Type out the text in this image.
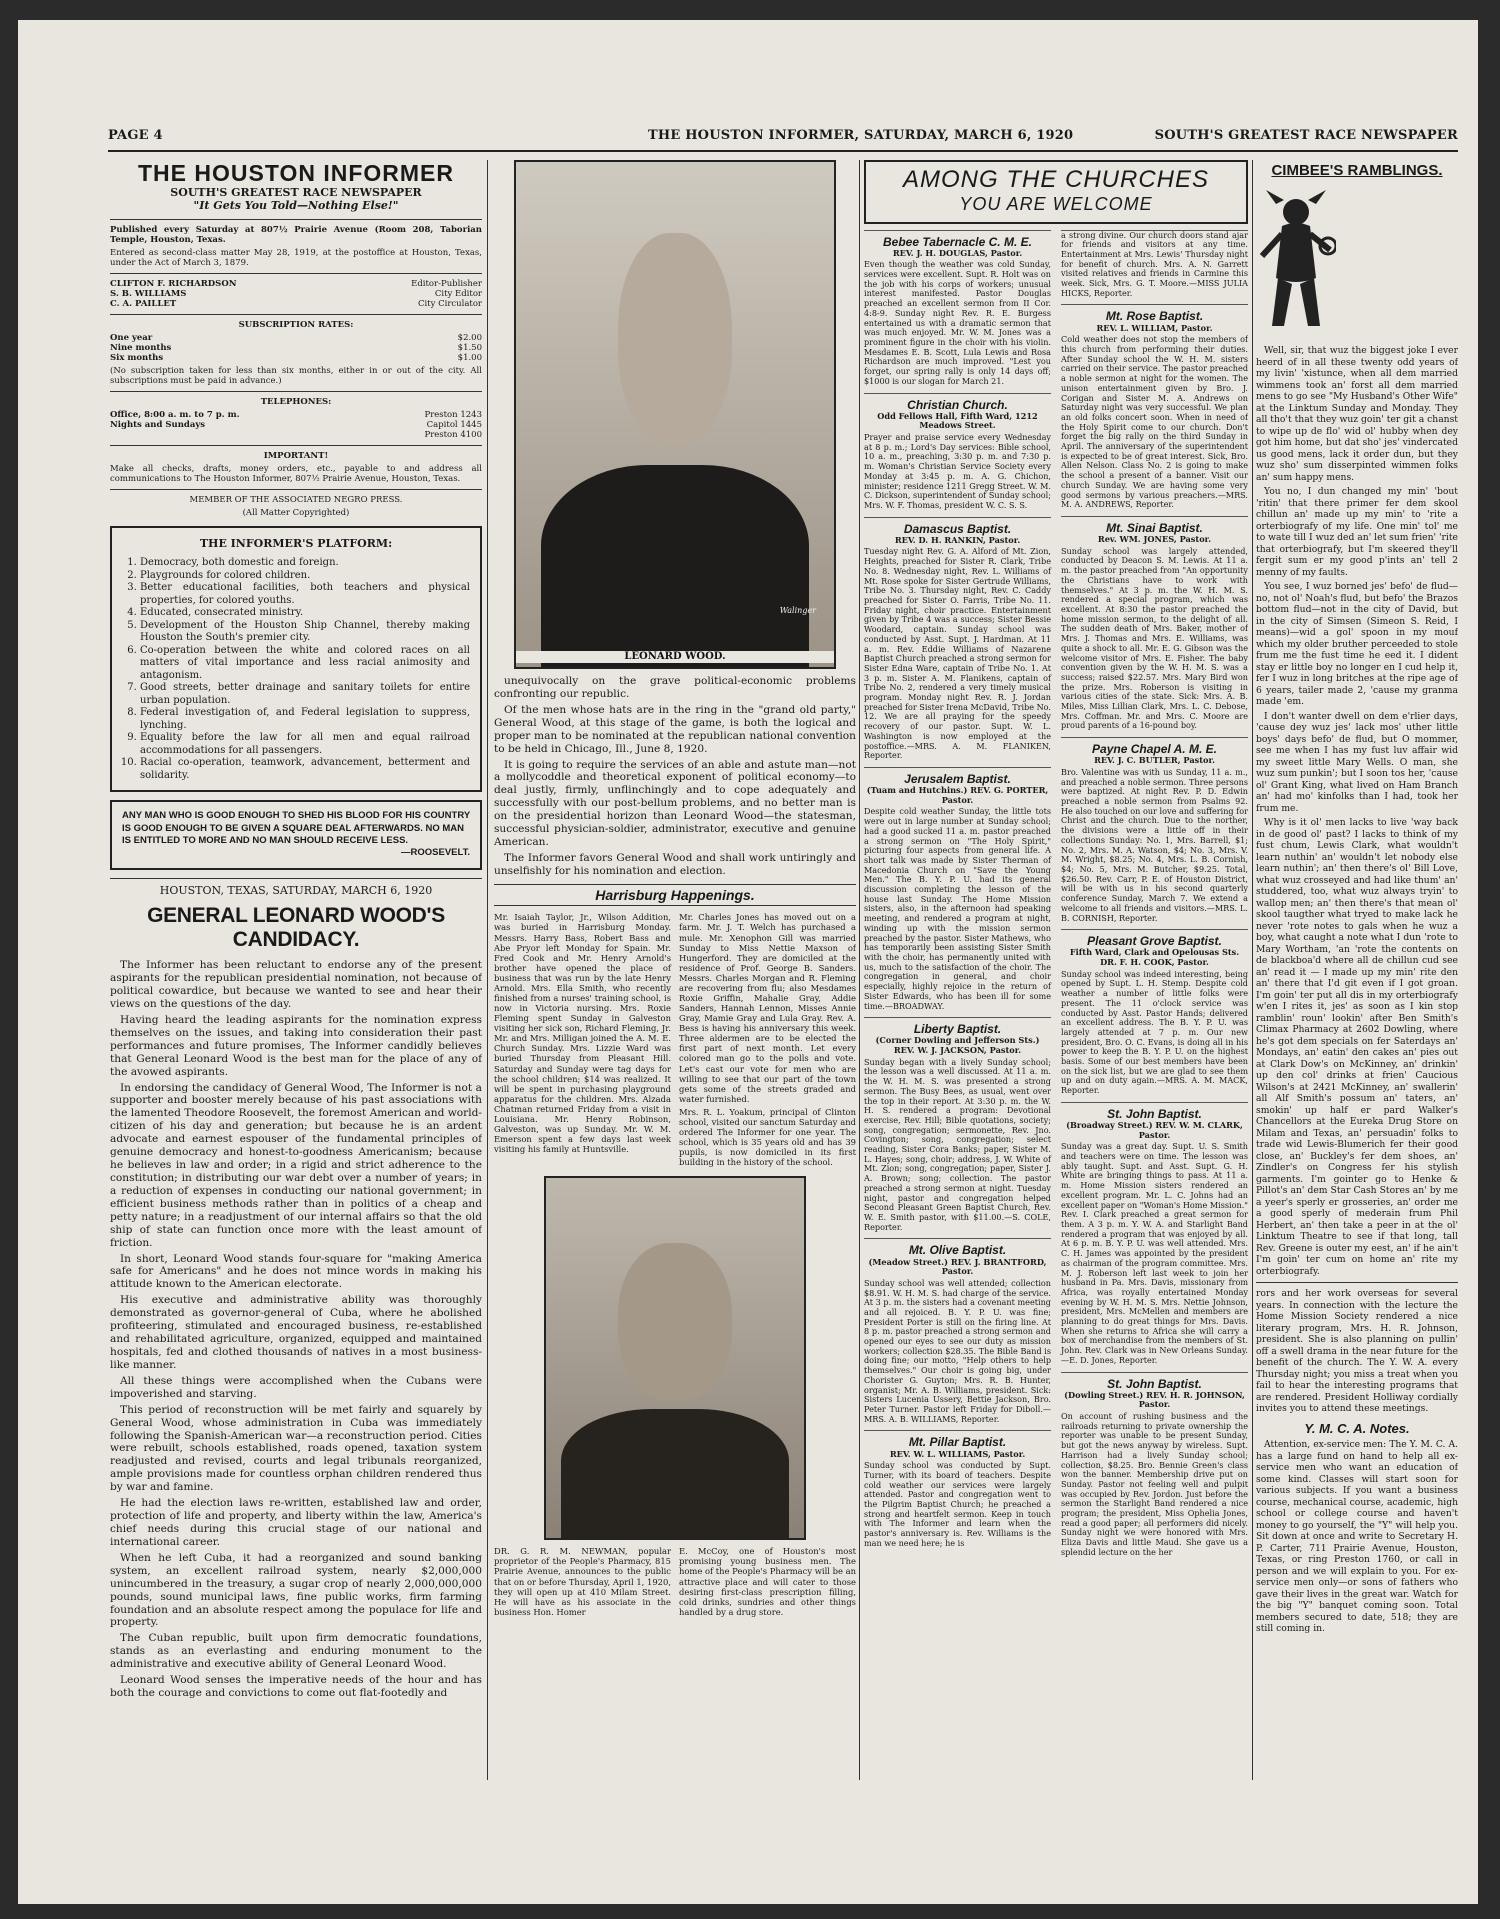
PAGE 4	THE HOUSTON INFORMER, SATURDAY, MARCH 6, 1920	SOUTH'S GREATEST RACE NEWSPAPER

THE HOUSTON INFORMER

SOUTH'S GREATEST RACE NEWSPAPER

"It Gets You Told—Nothing Else!"

Published every Saturday at 807½ Prairie Avenue (Room 208, Taborian Temple, Houston, Texas.

Entered as second-class matter May 28, 1919, at the postoffice at Houston, Texas, under the Act of March 3, 1879.

CLIFTON F. RICHARDSON	Editor-Publisher
S. B. WILLIAMS	City Editor
C. A. PAILLET	City Circulator

SUBSCRIPTION RATES:

One year	$2.00
Nine months	$1.50
Six months	$1.00

(No subscription taken for less than six months, either in or out of the city. All subscriptions must be paid in advance.)

TELEPHONES:

Office, 8:00 a. m. to 7 p. m.	Preston 1243
Nights and Sundays	Capitol 1445
Preston 4100

IMPORTANT!

Make all checks, drafts, money orders, etc., payable to and address all communications to The Houston Informer, 807½ Prairie Avenue, Houston, Texas.

MEMBER OF THE ASSOCIATED NEGRO PRESS.

(All Matter Copyrighted)

THE INFORMER'S PLATFORM:
1. Democracy, both domestic and foreign.
2. Playgrounds for colored children.
3. Better educational facilities, both teachers and physical properties, for colored youths.
4. Educated, consecrated ministry.
5. Development of the Houston Ship Channel, thereby making Houston the South's premier city.
6. Co-operation between the white and colored races on all matters of vital importance and less racial animosity and antagonism.
7. Good streets, better drainage and sanitary toilets for entire urban population.
8. Federal investigation of, and Federal legislation to suppress, lynching.
9. Equality before the law for all men and equal railroad accommodations for all passengers.
10. Racial co-operation, teamwork, advancement, betterment and solidarity.
ANY MAN WHO IS GOOD ENOUGH TO SHED HIS BLOOD FOR HIS COUNTRY IS GOOD ENOUGH TO BE GIVEN A SQUARE DEAL AFTERWARDS. NO MAN IS ENTITLED TO MORE AND NO MAN SHOULD RECEIVE LESS.
—ROOSEVELT.

HOUSTON, TEXAS, SATURDAY, MARCH 6, 1920

GENERAL LEONARD WOOD'S CANDIDACY.

The Informer has been reluctant to endorse any of the present aspirants for the republican presidential nomination, not because of political cowardice, but because we wanted to see and hear their views on the questions of the day.

Having heard the leading aspirants for the nomination express themselves on the issues, and taking into consideration their past performances and future promises, The Informer candidly believes that General Leonard Wood is the best man for the place of any of the avowed aspirants.

In endorsing the candidacy of General Wood, The Informer is not a supporter and booster merely because of his past associations with the lamented Theodore Roosevelt, the foremost American and world-citizen of his day and generation; but because he is an ardent advocate and earnest espouser of the fundamental principles of genuine democracy and honest-to-goodness Americanism; because he believes in law and order; in a rigid and strict adherence to the constitution; in distributing our war debt over a number of years; in a reduction of expenses in conducting our national government; in efficient business methods rather than in politics of a cheap and petty nature; in a readjustment of our internal affairs so that the old ship of state can function once more with the least amount of friction.

In short, Leonard Wood stands four-square for "making America safe for Americans" and he does not mince words in making his attitude known to the American electorate.

His executive and administrative ability was thoroughly demonstrated as governor-general of Cuba, where he abolished profiteering, stimulated and encouraged business, re-established and rehabilitated agriculture, organized, equipped and maintained hospitals, fed and clothed thousands of natives in a most business-like manner.

All these things were accomplished when the Cubans were impoverished and starving.

This period of reconstruction will be met fairly and squarely by General Wood, whose administration in Cuba was immediately following the Spanish-American war—a reconstruction period. Cities were rebuilt, schools established, roads opened, taxation system readjusted and revised, courts and legal tribunals reorganized, ample provisions made for countless orphan children rendered thus by war and famine.

He had the election laws re-written, established law and order, protection of life and property, and liberty within the law, America's chief needs during this crucial stage of our national and international career.

When he left Cuba, it had a reorganized and sound banking system, an excellent railroad system, nearly $2,000,000 unincumbered in the treasury, a sugar crop of nearly 2,000,000,000 pounds, sound municipal laws, fine public works, firm farming foundation and an absolute respect among the populace for life and property.

The Cuban republic, built upon firm democratic foundations, stands as an everlasting and enduring monument to the administrative and executive ability of General Leonard Wood.

Leonard Wood senses the imperative needs of the hour and has both the courage and convictions to come out flat-footedly and

Walinger
LEONARD WOOD.

unequivocally on the grave political-economic problems confronting our republic.

Of the men whose hats are in the ring in the "grand old party," General Wood, at this stage of the game, is both the logical and proper man to be nominated at the republican national convention to be held in Chicago, Ill., June 8, 1920.

It is going to require the services of an able and astute man—not a mollycoddle and theoretical exponent of political economy—to deal justly, firmly, unflinchingly and to cope adequately and successfully with our post-bellum problems, and no better man is on the presidential horizon than Leonard Wood—the statesman, successful physician-soldier, administrator, executive and genuine American.

The Informer favors General Wood and shall work untiringly and unselfishly for his nomination and election.

Harrisburg Happenings.

Mr. Isaiah Taylor, Jr., Wilson Addition, was buried in Harrisburg Monday. Messrs. Harry Bass, Robert Bass and Abe Pryor left Monday for Spain. Mr. Fred Cook and Mr. Henry Arnold's brother have opened the place of business that was run by the late Henry Arnold. Mrs. Ella Smith, who recently finished from a nurses' training school, is now in Victoria nursing. Mrs. Roxie Fleming spent Sunday in Galveston visiting her sick son, Richard Fleming, Jr. Mr. and Mrs. Milligan joined the A. M. E. Church Sunday. Mrs. Lizzie Ward was buried Thursday from Pleasant Hill. Saturday and Sunday were tag days for the school children; $14 was realized. It will be spent in purchasing playground apparatus for the children. Mrs. Alzada Chatman returned Friday from a visit in Louisiana. Mr. Henry Robinson, Galveston, was up Sunday. Mr. W. M. Emerson spent a few days last week visiting his family at Huntsville.

Mr. Charles Jones has moved out on a farm. Mr. J. T. Welch has purchased a mule. Mr. Xenophon Gill was married Sunday to Miss Nettie Maxson of Hungerford. They are domiciled at the residence of Prof. George B. Sanders. Messrs. Charles Morgan and R. Fleming are recovering from flu; also Mesdames Roxie Griffin, Mahalie Gray, Addie Sanders, Hannah Lennon, Misses Annie Gray, Mamie Gray and Lula Gray. Rev. A. Bess is having his anniversary this week. Three aldermen are to be elected the first part of next month. Let every colored man go to the polls and vote. Let's cast our vote for men who are willing to see that our part of the town gets some of the streets graded and water furnished.

Mrs. R. L. Yoakum, principal of Clinton school, visited our sanctum Saturday and ordered The Informer for one year. The school, which is 35 years old and has 39 pupils, is now domiciled in its first building in the history of the school.

DR. G. R. M. NEWMAN, popular proprietor of the People's Pharmacy, 815 Prairie Avenue, announces to the public that on or before Thursday, April 1, 1920, they will open up at 410 Milam Street. He will have as his associate in the business Hon. Homer
E. McCoy, one of Houston's most promising young business men. The home of the People's Pharmacy will be an attractive place and will cater to those desiring first-class prescription filling, cold drinks, sundries and other things handled by a drug store.
AMONG THE CHURCHES
YOU ARE WELCOME
Bebee Tabernacle C. M. E.
REV. J. H. DOUGLAS, Pastor.

Even though the weather was cold Sunday, services were excellent. Supt. R. Holt was on the job with his corps of workers; unusual interest manifested. Pastor Douglas preached an excellent sermon from II Cor. 4:8-9. Sunday night Rev. R. E. Burgess entertained us with a dramatic sermon that was much enjoyed. Mr. W. M. Jones was a prominent figure in the choir with his violin. Mesdames E. B. Scott, Lula Lewis and Rosa Richardson are much improved. "Lest you forget, our spring rally is only 14 days off; $1000 is our slogan for March 21.

Christian Church.
Odd Fellows Hall, Fifth Ward, 1212 Meadows Street.

Prayer and praise service every Wednesday at 8 p. m.; Lord's Day services: Bible school, 10 a. m., preaching, 3:30 p. m. and 7:30 p. m. Woman's Christian Service Society every Monday at 3:45 p. m. A. G. Chichon, minister; residence 1211 Gregg Street. W. M. C. Dickson, superintendent of Sunday school; Mrs. W. F. Thomas, president W. C. S. S.

Damascus Baptist.
REV. D. H. RANKIN, Pastor.

Tuesday night Rev. G. A. Alford of Mt. Zion, Heights, preached for Sister R. Clark, Tribe No. 8. Wednesday night, Rev. L. Williams of Mt. Rose spoke for Sister Gertrude Williams, Tribe No. 3. Thursday night, Rev. C. Caddy preached for Sister O. Farris, Tribe No. 11. Friday night, choir practice. Entertainment given by Tribe 4 was a success; Sister Bessie Woodard, captain. Sunday school was conducted by Asst. Supt. J. Hardman. At 11 a. m. Rev. Eddie Williams of Nazarene Baptist Church preached a strong sermon for Sister Edna Ware, captain of Tribe No. 1. At 3 p. m. Sister A. M. Flanikens, captain of Tribe No. 2, rendered a very timely musical program. Monday night Rev. R. J. Jordan preached for Sister Irena McDavid, Tribe No. 12. We are all praying for the speedy recovery of our pastor. Supt. W. L. Washington is now employed at the postoffice.—MRS. A. M. FLANIKEN, Reporter.

Jerusalem Baptist.
(Tuam and Hutchins.) REV. G. PORTER, Pastor.

Despite cold weather Sunday, the little tots were out in large number at Sunday school; had a good sucked 11 a. m. pastor preached a strong sermon on "The Holy Spirit," picturing four aspects from general life. A short talk was made by Sister Therman of Macedonia Church on "Save the Young Men." The B. Y. P. U. had its general discussion completing the lesson of the house last Sunday. The Home Mission sisters, also, in the afternoon had speaking meeting, and rendered a program at night, winding up with the mission sermon preached by the pastor. Sister Mathews, who has temporarily been assisting Sister Smith with the choir, has permanently united with us, much to the satisfaction of the choir. The congregation in general, and choir especially, highly rejoice in the return of Sister Edwards, who has been ill for some time.—BROADWAY.

Liberty Baptist.
(Corner Dowling and Jefferson Sts.) REV. W. J. JACKSON, Pastor.

Sunday began with a lively Sunday school; the lesson was a well discussed. At 11 a. m. the W. H. M. S. was presented a strong sermon. The Busy Bees, as usual, went over the top in their report. At 3:30 p. m. the W. H. S. rendered a program: Devotional exercise, Rev. Hill; Bible quotations, society; song, congregation; sermonette, Rev. Jno. Covington; song, congregation; select reading, Sister Cora Banks; paper, Sister M. L. Hayes; song, choir; address, J. W. White of Mt. Zion; song, congregation; paper, Sister J. A. Brown; song; collection. The pastor preached a strong sermon at night. Tuesday night, pastor and congregation helped Second Pleasant Green Baptist Church, Rev. W. E. Smith pastor, with $11.00.—S. COLE, Reporter.

Mt. Olive Baptist.
(Meadow Street.) REV. J. BRANTFORD, Pastor.

Sunday school was well attended; collection $8.91. W. H. M. S. had charge of the service. At 3 p. m. the sisters had a covenant meeting and all rejoiced. B. Y. P. U. was fine; President Porter is still on the firing line. At 8 p. m. pastor preached a strong sermon and opened our eyes to see our duty as mission workers; collection $28.35. The Bible Band is doing fine; our motto, "Help others to help themselves." Our choir is going big, under Chorister G. Guyton; Mrs. R. B. Hunter, organist; Mr. A. B. Williams, president. Sick: Sisters Lucenia Ussery, Bettie Jackson, Bro. Peter Turner. Pastor left Friday for Diboll.—MRS. A. B. WILLIAMS, Reporter.

Mt. Pillar Baptist.
REV. W. L. WILLIAMS, Pastor.

Sunday school was conducted by Supt. Turner, with its board of teachers. Despite cold weather our services were largely attended. Pastor and congregation went to the Pilgrim Baptist Church; he preached a strong and heartfelt sermon. Keep in touch with The Informer and learn when the pastor's anniversary is. Rev. Williams is the man we need here; he is

a strong divine. Our church doors stand ajar for friends and visitors at any time. Entertainment at Mrs. Lewis' Thursday night for benefit of church. Mrs. A. N. Garrett visited relatives and friends in Carmine this week. Sick, Mrs. G. T. Moore.—MISS JULIA HICKS, Reporter.

Mt. Rose Baptist.
REV. L. WILLIAM, Pastor.

Cold weather does not stop the members of this church from performing their duties. After Sunday school the W. H. M. sisters carried on their service. The pastor preached a noble sermon at night for the women. The unison entertainment given by Bro. J. Corigan and Sister M. A. Andrews on Saturday night was very successful. We plan an old folks concert soon. When in need of the Holy Spirit come to our church. Don't forget the big rally on the third Sunday in April. The anniversary of the superintendent is expected to be of great interest. Sick, Bro. Allen Nelson. Class No. 2 is going to make the school a present of a banner. Visit our church Sunday. We are having some very good sermons by various preachers.—MRS. M. A. ANDREWS, Reporter.

Mt. Sinai Baptist.
Rev. WM. JONES, Pastor.

Sunday school was largely attended, conducted by Deacon S. M. Lewis. At 11 a. m. the pastor preached from "An opportunity the Christians have to work with themselves." At 3 p. m. the W. H. M. S. rendered a special program, which was excellent. At 8:30 the pastor preached the home mission sermon, to the delight of all. The sudden death of Mrs. Baker, mother of Mrs. J. Thomas and Mrs. E. Williams, was quite a shock to all. Mr. E. G. Gibson was the welcome visitor of Mrs. E. Fisher. The baby convention given by the W. H. M. S. was a success; raised $22.57. Mrs. Mary Bird won the prize. Mrs. Roberson is visiting in various cities of the state. Sick: Mrs. A. B. Miles, Miss Lillian Clark, Mrs. L. C. Debose, Mrs. Coffman. Mr. and Mrs. C. Moore are proud parents of a 16-pound boy.

Payne Chapel A. M. E.
REV. J. C. BUTLER, Pastor.

Bro. Valentine was with us Sunday, 11 a. m., and preached a noble sermon. Three persons were baptized. At night Rev. P. D. Edwin preached a noble sermon from Psalms 92. He also touched on our love and suffering for Christ and the church. Due to the norther, the divisions were a little off in their collections Sunday: No. 1, Mrs. Barrell, $1; No. 2, Mrs. M. A. Watson, $4; No. 3, Mrs. V. M. Wright, $8.25; No. 4, Mrs. L. B. Cornish, $4; No. 5, Mrs. M. Butcher, $9.25. Total, $26.50. Rev. Carr, P. E. of Houston District, will be with us in his second quarterly conference Sunday, March 7. We extend a welcome to all friends and visitors.—MRS. L. B. CORNISH, Reporter.

Pleasant Grove Baptist.
Fifth Ward, Clark and Opelousas Sts. DR. F. H. COOK, Pastor.

Sunday school was indeed interesting, being opened by Supt. L. H. Stemp. Despite cold weather a number of little folks were present. The 11 o'clock service was conducted by Asst. Pastor Hands; delivered an excellent address. The B. Y. P. U. was largely attended at 7 p. m. Our new president, Bro. O. C. Evans, is doing all in his power to keep the B. Y. P. U. on the highest basis. Some of our best members have been on the sick list, but we are glad to see them up and on duty again.—MRS. A. M. MACK, Reporter.

St. John Baptist.
(Broadway Street.) REV. W. M. CLARK, Pastor.

Sunday was a great day. Supt. U. S. Smith and teachers were on time. The lesson was ably taught. Supt. and Asst. Supt. G. H. White are bringing things to pass. At 11 a. m. Home Mission sisters rendered an excellent program. Mr. L. C. Johns had an excellent paper on "Woman's Home Mission." Rev. I. Clark preached a great sermon for them. A 3 p. m. Y. W. A. and Starlight Band rendered a program that was enjoyed by all. At 6 p. m. B. Y. P. U. was well attended. Mrs. C. H. James was appointed by the president as chairman of the program committee. Mrs. M. J. Roberson left last week to join her husband in Pa. Mrs. Davis, missionary from Africa, was royally entertained Monday evening by W. H. M. S. Mrs. Nettie Johnson, president, Mrs. McMellen and members are planning to do great things for Mrs. Davis. When she returns to Africa she will carry a box of merchandise from the members of St. John. Rev. Clark was in New Orleans Sunday.—E. D. Jones, Reporter.

St. John Baptist.
(Dowling Street.) REV. H. R. JOHNSON, Pastor.

On account of rushing business and the railroads returning to private ownership the reporter was unable to be present Sunday, but got the news anyway by wireless. Supt. Harrison had a lively Sunday school; collection, $8.25. Bro. Bennie Green's class won the banner. Membership drive put on Sunday. Pastor not feeling well and pulpit was occupied by Rev. Jordon. Just before the sermon the Starlight Band rendered a nice program; the president, Miss Ophelia Jones, read a good paper; all performers did nicely. Sunday night we were honored with Mrs. Eliza Davis and little Maud. She gave us a splendid lecture on the her

CIMBEE'S RAMBLINGS.

Well, sir, that wuz the biggest joke I ever heerd of in all these twenty odd years of my livin' 'xistunce, when all dem married wimmens took an' forst all dem married mens to go see "My Husband's Other Wife" at the Linktum Sunday and Monday. They all tho't that they wuz goin' ter git a chanst to wipe up de flo' wid ol' hubby when dey got him home, but dat sho' jes' vindercated us good mens, lack it order dun, but they wuz sho' sum disserpinted wimmen folks an' sum happy mens.

You no, I dun changed my min' 'bout 'ritin' that there primer fer dem skool chillun an' made up my min' to 'rite a orterbiografy of my life. One min' tol' me to wate till I wuz ded an' let sum frien' 'rite that orterbiografy, but I'm skeered they'll fergit sum er my good p'ints an' tell 2 menny of my faults.

You see, I wuz borned jes' befo' de flud—no, not ol' Noah's flud, but befo' the Brazos bottom flud—not in the city of David, but in the city of Simsen (Simeon S. Reid, I means)—wid a gol' spoon in my mouf which my older bruther perceeded to stole frum me the fust time he eed it. I dident stay er little boy no longer en I cud help it, fer I wuz in long britches at the ripe age of 6 years, tailer made 2, 'cause my granma made 'em.

I don't wanter dwell on dem e'rlier days, 'cause dey wuz jes' lack mos' uther little boys' days befo' de flud, but O mommer, see me when I has my fust luv affair wid my sweet little Mary Wells. O man, she wuz sum punkin'; but I soon tos her, 'cause ol' Grant King, what lived on Ham Branch an' had mo' kinfolks than I had, took her frum me.

Why is it ol' men lacks to live 'way back in de good ol' past? I lacks to think of my fust chum, Lewis Clark, what wouldn't learn nuthin' an' wouldn't let nobody else learn nuthin'; an' then there's ol' Bill Love, what wuz crosseyed and had like thum' an' studdered, too, what wuz always tryin' to wallop men; an' then there's that mean ol' skool taugther what tryed to make lack he never 'rote notes to gals when he wuz a boy, what caught a note what I dun 'rote to Mary Wortham, 'an 'rote the contents on de blackboa'd where all de chillun cud see an' read it — I made up my min' rite den an' there that I'd git even if I got groan. I'm goin' ter put all dis in my orterbiografy w'en I rites it, jes' as soon as I kin stop ramblin' roun' lookin' after Ben Smith's Climax Pharmacy at 2602 Dowling, where he's got dem specials on fer Saterdays an' Mondays, an' eatin' den cakes an' pies out at Clark Dow's on McKinney, an' drinkin' up den col' drinks at frien' Caucious Wilson's at 2421 McKinney, an' swallerin' all Alf Smith's possum an' taters, an' smokin' up half er pard Walker's Chancellors at the Eureka Drug Store on Milam and Texas, an' persuadin' folks to trade wid Lewis-Blumerich fer their good close, an' Buckley's fer dem shoes, an' Zindler's on Congress fer his stylish garments. I'm gointer go to Henke & Pillot's an' dem Star Cash Stores an' by me a yeer's sperly er grosseries, an' order me a good sperly of mederain frum Phil Herbert, an' then take a peer in at the ol' Linktum Theatre to see if that long, tall Rev. Greene is outer my eest, an' if he ain't I'm goin' ter cum on home an' rite my orterbiografy.

rors and her work overseas for several years. In connection with the lecture the Home Mission Society rendered a nice literary program, Mrs. H. R. Johnson, president. She is also planning on pullin' off a swell drama in the near future for the benefit of the church. The Y. W. A. every Thursday night; you miss a treat when you fail to hear the interesting programs that are rendered. President Holliway cordially invites you to attend these meetings.

Y. M. C. A. Notes.

Attention, ex-service men: The Y. M. C. A. has a large fund on hand to help all ex-service men who want an education of some kind. Classes will start soon for various subjects. If you want a business course, mechanical course, academic, high school or college course and haven't money to go yourself, the "Y" will help you. Sit down at once and write to Secretary H. P. Carter, 711 Prairie Avenue, Houston, Texas, or ring Preston 1760, or call in person and we will explain to you. For ex-service men only—or sons of fathers who gave their lives in the great war. Watch for the big "Y" banquet coming soon. Total members secured to date, 518; they are still coming in.
